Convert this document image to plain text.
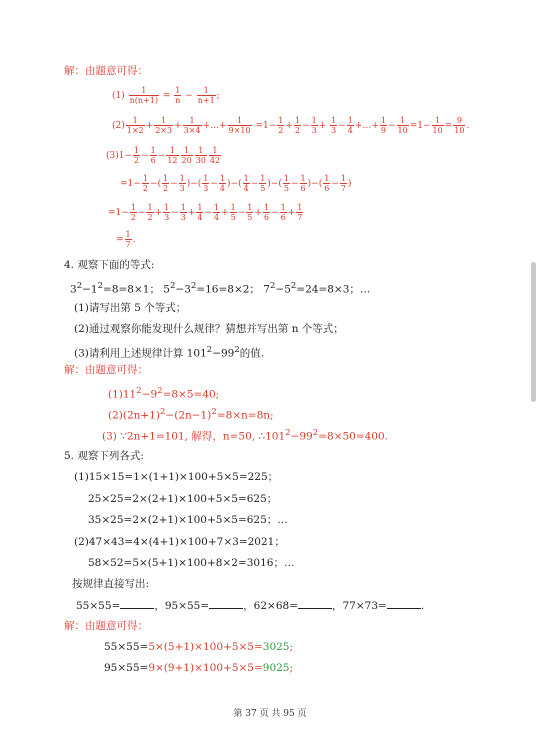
解：由题意可得：
$(1) \frac{1}{n(n+1)} = \frac{1}{n} - \frac{1}{n+1}$ ;
$(2) \frac{1}{1\times 2} + \frac{1}{2\times 3} + \frac{1}{3\times 4}$ +…+ $\frac{1}{9\times 10} =1- \frac{1}{2} + \frac{1}{2} - \frac{1}{3} + \frac{1}{3} - \frac{1}{4}$ +…+ $\frac{1}{9} - \frac{1}{10} =1- \frac{1}{10} = \frac{9}{10}$ .
$(3)1- \frac{1}{2} - \frac{1}{6} - \frac{1}{12} \frac{1}{20} \frac{1}{30} \frac{1}{42}$
$=1- \frac{1}{2}$ −( $\frac{1}{2} - \frac{1}{3}$ )−( $\frac{1}{3} - \frac{1}{4}$ )−( $\frac{1}{4} - \frac{1}{5}$ )−( $\frac{1}{5} - \frac{1}{6}$ )−( $\frac{1}{6} - \frac{1}{7}$ )
$=1- \frac{1}{2} - \frac{1}{2} + \frac{1}{3} - \frac{1}{3} + \frac{1}{4} - \frac{1}{4} + \frac{1}{5} - \frac{1}{5} + \frac{1}{6} - \frac{1}{6} + \frac{1}{7}$
= $\frac{1}{7}$ .
4. 观察下面的等式:
$3^2-1^2=8=8\times 1$； $5^2-3^2=16=8\times 2$； $7^2-5^2=24=8\times 3$；…
(1)请写出第 5 个等式；
(2)通过观察你能发现什么规律？猜想并写出第 n 个等式；
(3)请利用上述规律计算 $101^2-99^2$的值.
解：由题意可得：
$(1)11^2-9^2=8\times 5=40$;
$(2)(2n+1)^2-(2n-1)^2=8\times n=8n$;
(3) ∵2n+1=101, 解得，n=50, $\therefore 101^2-99^2=8\times 50=400$.
5. 观察下列各式:
(1)15×15=1×(1+1)×100+5×5=225；
25×25=2×(2+1)×100+5×5=625；
35×25=2×(2+1)×100+5×5=625；…
(2)47×43=4×(4+1)×100+7×3=2021；
58×52=5×(5+1)×100+8×2=3016；…
按规律直接写出:
55×55=	，95×55=	，62×68=	，77×73=	.
解：由题意可得：
55×55=5×(5+1)×100+5×5=3025;
95×55=9×(9+1)×100+5×5=9025;
第 37 页 共 95 页
